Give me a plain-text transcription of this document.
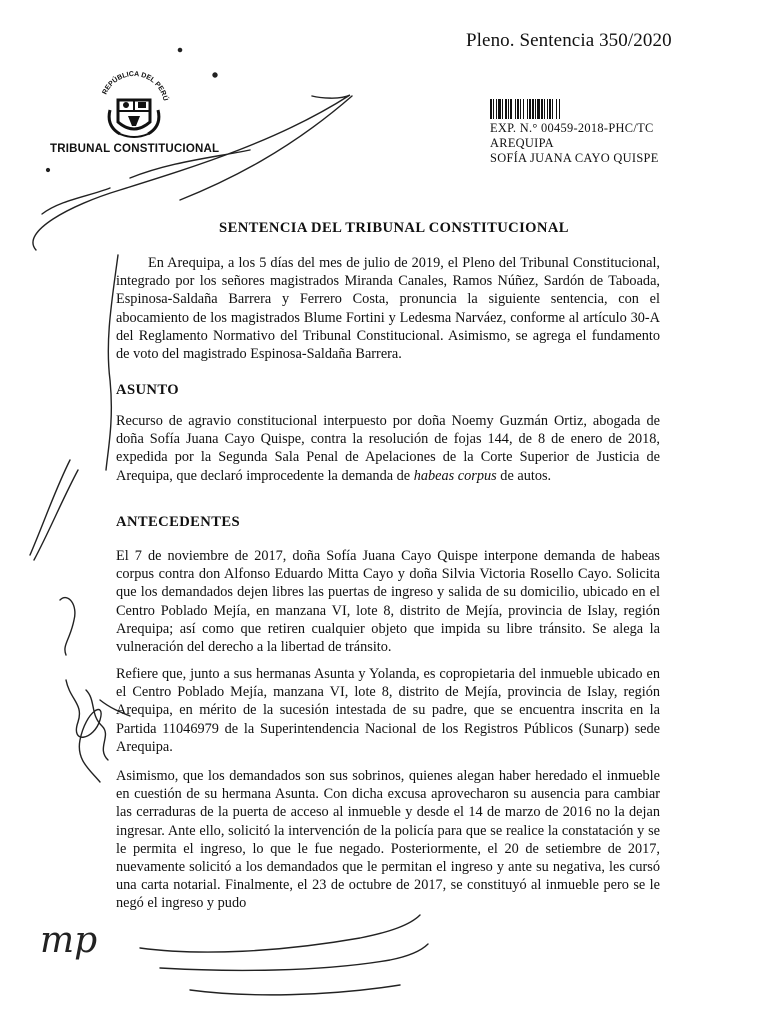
Pleno. Sentencia 350/2020
REPÚBLICA DEL PERÚ
TRIBUNAL CONSTITUCIONAL
EXP. N.° 00459-2018-PHC/TC
AREQUIPA
SOFÍA JUANA CAYO QUISPE
SENTENCIA DEL TRIBUNAL CONSTITUCIONAL
En Arequipa, a los 5 días del mes de julio de 2019, el Pleno del Tribunal Constitucional, integrado por los señores magistrados Miranda Canales, Ramos Núñez, Sardón de Taboada, Espinosa-Saldaña Barrera y Ferrero Costa, pronuncia la siguiente sentencia, con el abocamiento de los magistrados Blume Fortini y Ledesma Narváez, conforme al artículo 30-A del Reglamento Normativo del Tribunal Constitucional. Asimismo, se agrega el fundamento de voto del magistrado Espinosa-Saldaña Barrera.
ASUNTO
Recurso de agravio constitucional interpuesto por doña Noemy Guzmán Ortiz, abogada de doña Sofía Juana Cayo Quispe, contra la resolución de fojas 144, de 8 de enero de 2018, expedida por la Segunda Sala Penal de Apelaciones de la Corte Superior de Justicia de Arequipa, que declaró improcedente la demanda de habeas corpus de autos.
ANTECEDENTES
El 7 de noviembre de 2017, doña Sofía Juana Cayo Quispe interpone demanda de habeas corpus contra don Alfonso Eduardo Mitta Cayo y doña Silvia Victoria Rosello Cayo. Solicita que los demandados dejen libres las puertas de ingreso y salida de su domicilio, ubicado en el Centro Poblado Mejía, en manzana VI, lote 8, distrito de Mejía, provincia de Islay, región Arequipa; así como que retiren cualquier objeto que impida su libre tránsito. Se alega la vulneración del derecho a la libertad de tránsito.
Refiere que, junto a sus hermanas Asunta y Yolanda, es copropietaria del inmueble ubicado en el Centro Poblado Mejía, manzana VI, lote 8, distrito de Mejía, provincia de Islay, región Arequipa, en mérito de la sucesión intestada de su padre, que se encuentra inscrita en la Partida 11046979 de la Superintendencia Nacional de los Registros Públicos (Sunarp) sede Arequipa.
Asimismo, que los demandados son sus sobrinos, quienes alegan haber heredado el inmueble en cuestión de su hermana Asunta. Con dicha excusa aprovecharon su ausencia para cambiar las cerraduras de la puerta de acceso al inmueble y desde el 14 de marzo de 2016 no la dejan ingresar. Ante ello, solicitó la intervención de la policía para que se realice la constatación y se le permita el ingreso, lo que le fue negado. Posteriormente, el 20 de setiembre de 2017, nuevamente solicitó a los demandados que le permitan el ingreso y ante su negativa, les cursó una carta notarial. Finalmente, el 23 de octubre de 2017, se constituyó al inmueble pero se le negó el ingreso y pudo
mp
